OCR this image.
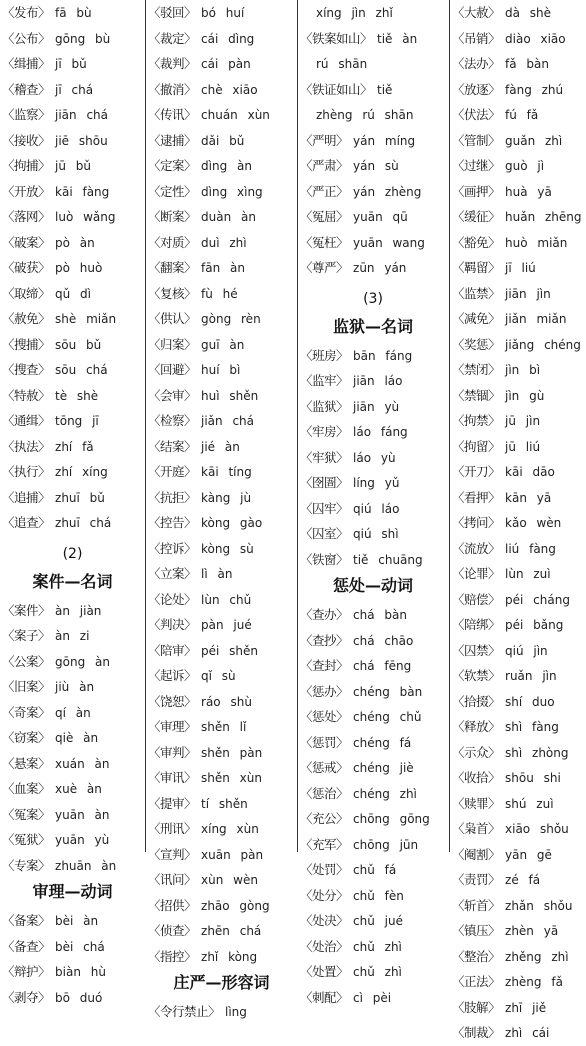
〈发布〉 fā bù
〈公布〉 gōng bù
〈缉捕〉 jī bǔ
〈稽查〉 jī chá
〈监察〉 jiān chá
〈接收〉 jiē shōu
〈拘捕〉 jū bǔ
〈开放〉 kāi fàng
〈落网〉 luò wǎng
〈破案〉 pò àn
〈破获〉 pò huò
〈取缔〉 qǔ dì
〈赦免〉 shè miǎn
〈搜捕〉 sōu bǔ
〈搜查〉 sōu chá
〈特赦〉 tè shè
〈通缉〉 tōng jī
〈执法〉 zhí fǎ
〈执行〉 zhí xíng
〈追捕〉 zhuī bǔ
〈追查〉 zhuī chá
(2)
案件—名词
〈案件〉 àn jiàn
〈案子〉 àn zi
〈公案〉 gōng àn
〈旧案〉 jiù àn
〈奇案〉 qí àn
〈窃案〉 qiè àn
〈悬案〉 xuán àn
〈血案〉 xuè àn
〈冤案〉 yuān àn
〈冤狱〉 yuān yù
〈专案〉 zhuān àn
审理—动词
〈备案〉 bèi àn
〈备查〉 bèi chá
〈辩护〉 biàn hù
〈剥夺〉 bō duó
〈驳回〉 bó huí
〈裁定〉 cái dìng
〈裁判〉 cái pàn
〈撤消〉 chè xiāo
〈传讯〉 chuán xùn
〈逮捕〉 dǎi bǔ
〈定案〉 dìng àn
〈定性〉 dìng xìng
〈断案〉 duàn àn
〈对质〉 duì zhì
〈翻案〉 fān àn
〈复核〉 fù hé
〈供认〉 gòng rèn
〈归案〉 guī àn
〈回避〉 huí bì
〈会审〉 huì shěn
〈检察〉 jiǎn chá
〈结案〉 jié àn
〈开庭〉 kāi tíng
〈抗拒〉 kàng jù
〈控告〉 kòng gào
〈控诉〉 kòng sù
〈立案〉 lì àn
〈论处〉 lùn chǔ
〈判决〉 pàn jué
〈陪审〉 péi shěn
〈起诉〉 qǐ sù
〈饶恕〉 ráo shù
〈审理〉 shěn lǐ
〈审判〉 shěn pàn
〈审讯〉 shěn xùn
〈提审〉 tí shěn
〈刑讯〉 xíng xùn
〈宣判〉 xuān pàn
〈讯问〉 xùn wèn
〈招供〉 zhāo gòng
〈侦查〉 zhēn chá
〈指控〉 zhǐ kòng
庄严—形容词
〈令行禁止〉 lìng
xíng jìn zhǐ
〈铁案如山〉 tiě àn
rú shān
〈铁证如山〉 tiě
zhèng rú shān
〈严明〉 yán míng
〈严肃〉 yán sù
〈严正〉 yán zhèng
〈冤屈〉 yuān qū
〈冤枉〉 yuān wang
〈尊严〉 zūn yán
(3)
监狱—名词
〈班房〉 bān fáng
〈监牢〉 jiān láo
〈监狱〉 jiān yù
〈牢房〉 láo fáng
〈牢狱〉 láo yù
〈囹圄〉 líng yǔ
〈囚牢〉 qiú láo
〈囚室〉 qiú shì
〈铁窗〉 tiě chuāng
惩处—动词
〈查办〉 chá bàn
〈查抄〉 chá chāo
〈查封〉 chá fēng
〈惩办〉 chéng bàn
〈惩处〉 chéng chǔ
〈惩罚〉 chéng fá
〈惩戒〉 chéng jiè
〈惩治〉 chéng zhì
〈充公〉 chōng gōng
〈充军〉 chōng jūn
〈处罚〉 chǔ fá
〈处分〉 chǔ fèn
〈处决〉 chǔ jué
〈处治〉 chǔ zhì
〈处置〉 chǔ zhì
〈刺配〉 cì pèi
〈大赦〉 dà shè
〈吊销〉 diào xiāo
〈法办〉 fǎ bàn
〈放逐〉 fàng zhú
〈伏法〉 fú fǎ
〈管制〉 guǎn zhì
〈过继〉 guò jì
〈画押〉 huà yā
〈缓征〉 huǎn zhēng
〈豁免〉 huò miǎn
〈羁留〉 jī liú
〈监禁〉 jiān jìn
〈减免〉 jiǎn miǎn
〈奖惩〉 jiǎng chéng
〈禁闭〉 jìn bì
〈禁锢〉 jìn gù
〈拘禁〉 jū jìn
〈拘留〉 jū liú
〈开刀〉 kāi dāo
〈看押〉 kān yā
〈拷问〉 kǎo wèn
〈流放〉 liú fàng
〈论罪〉 lùn zuì
〈赔偿〉 péi cháng
〈陪绑〉 péi bǎng
〈囚禁〉 qiú jìn
〈软禁〉 ruǎn jìn
〈拾掇〉 shí duo
〈释放〉 shì fàng
〈示众〉 shì zhòng
〈收拾〉 shōu shi
〈赎罪〉 shú zuì
〈枭首〉 xiāo shǒu
〈阉割〉 yān gē
〈责罚〉 zé fá
〈斩首〉 zhǎn shǒu
〈镇压〉 zhèn yā
〈整治〉 zhěng zhì
〈正法〉 zhèng fǎ
〈肢解〉 zhī jiě
〈制裁〉 zhì cái
